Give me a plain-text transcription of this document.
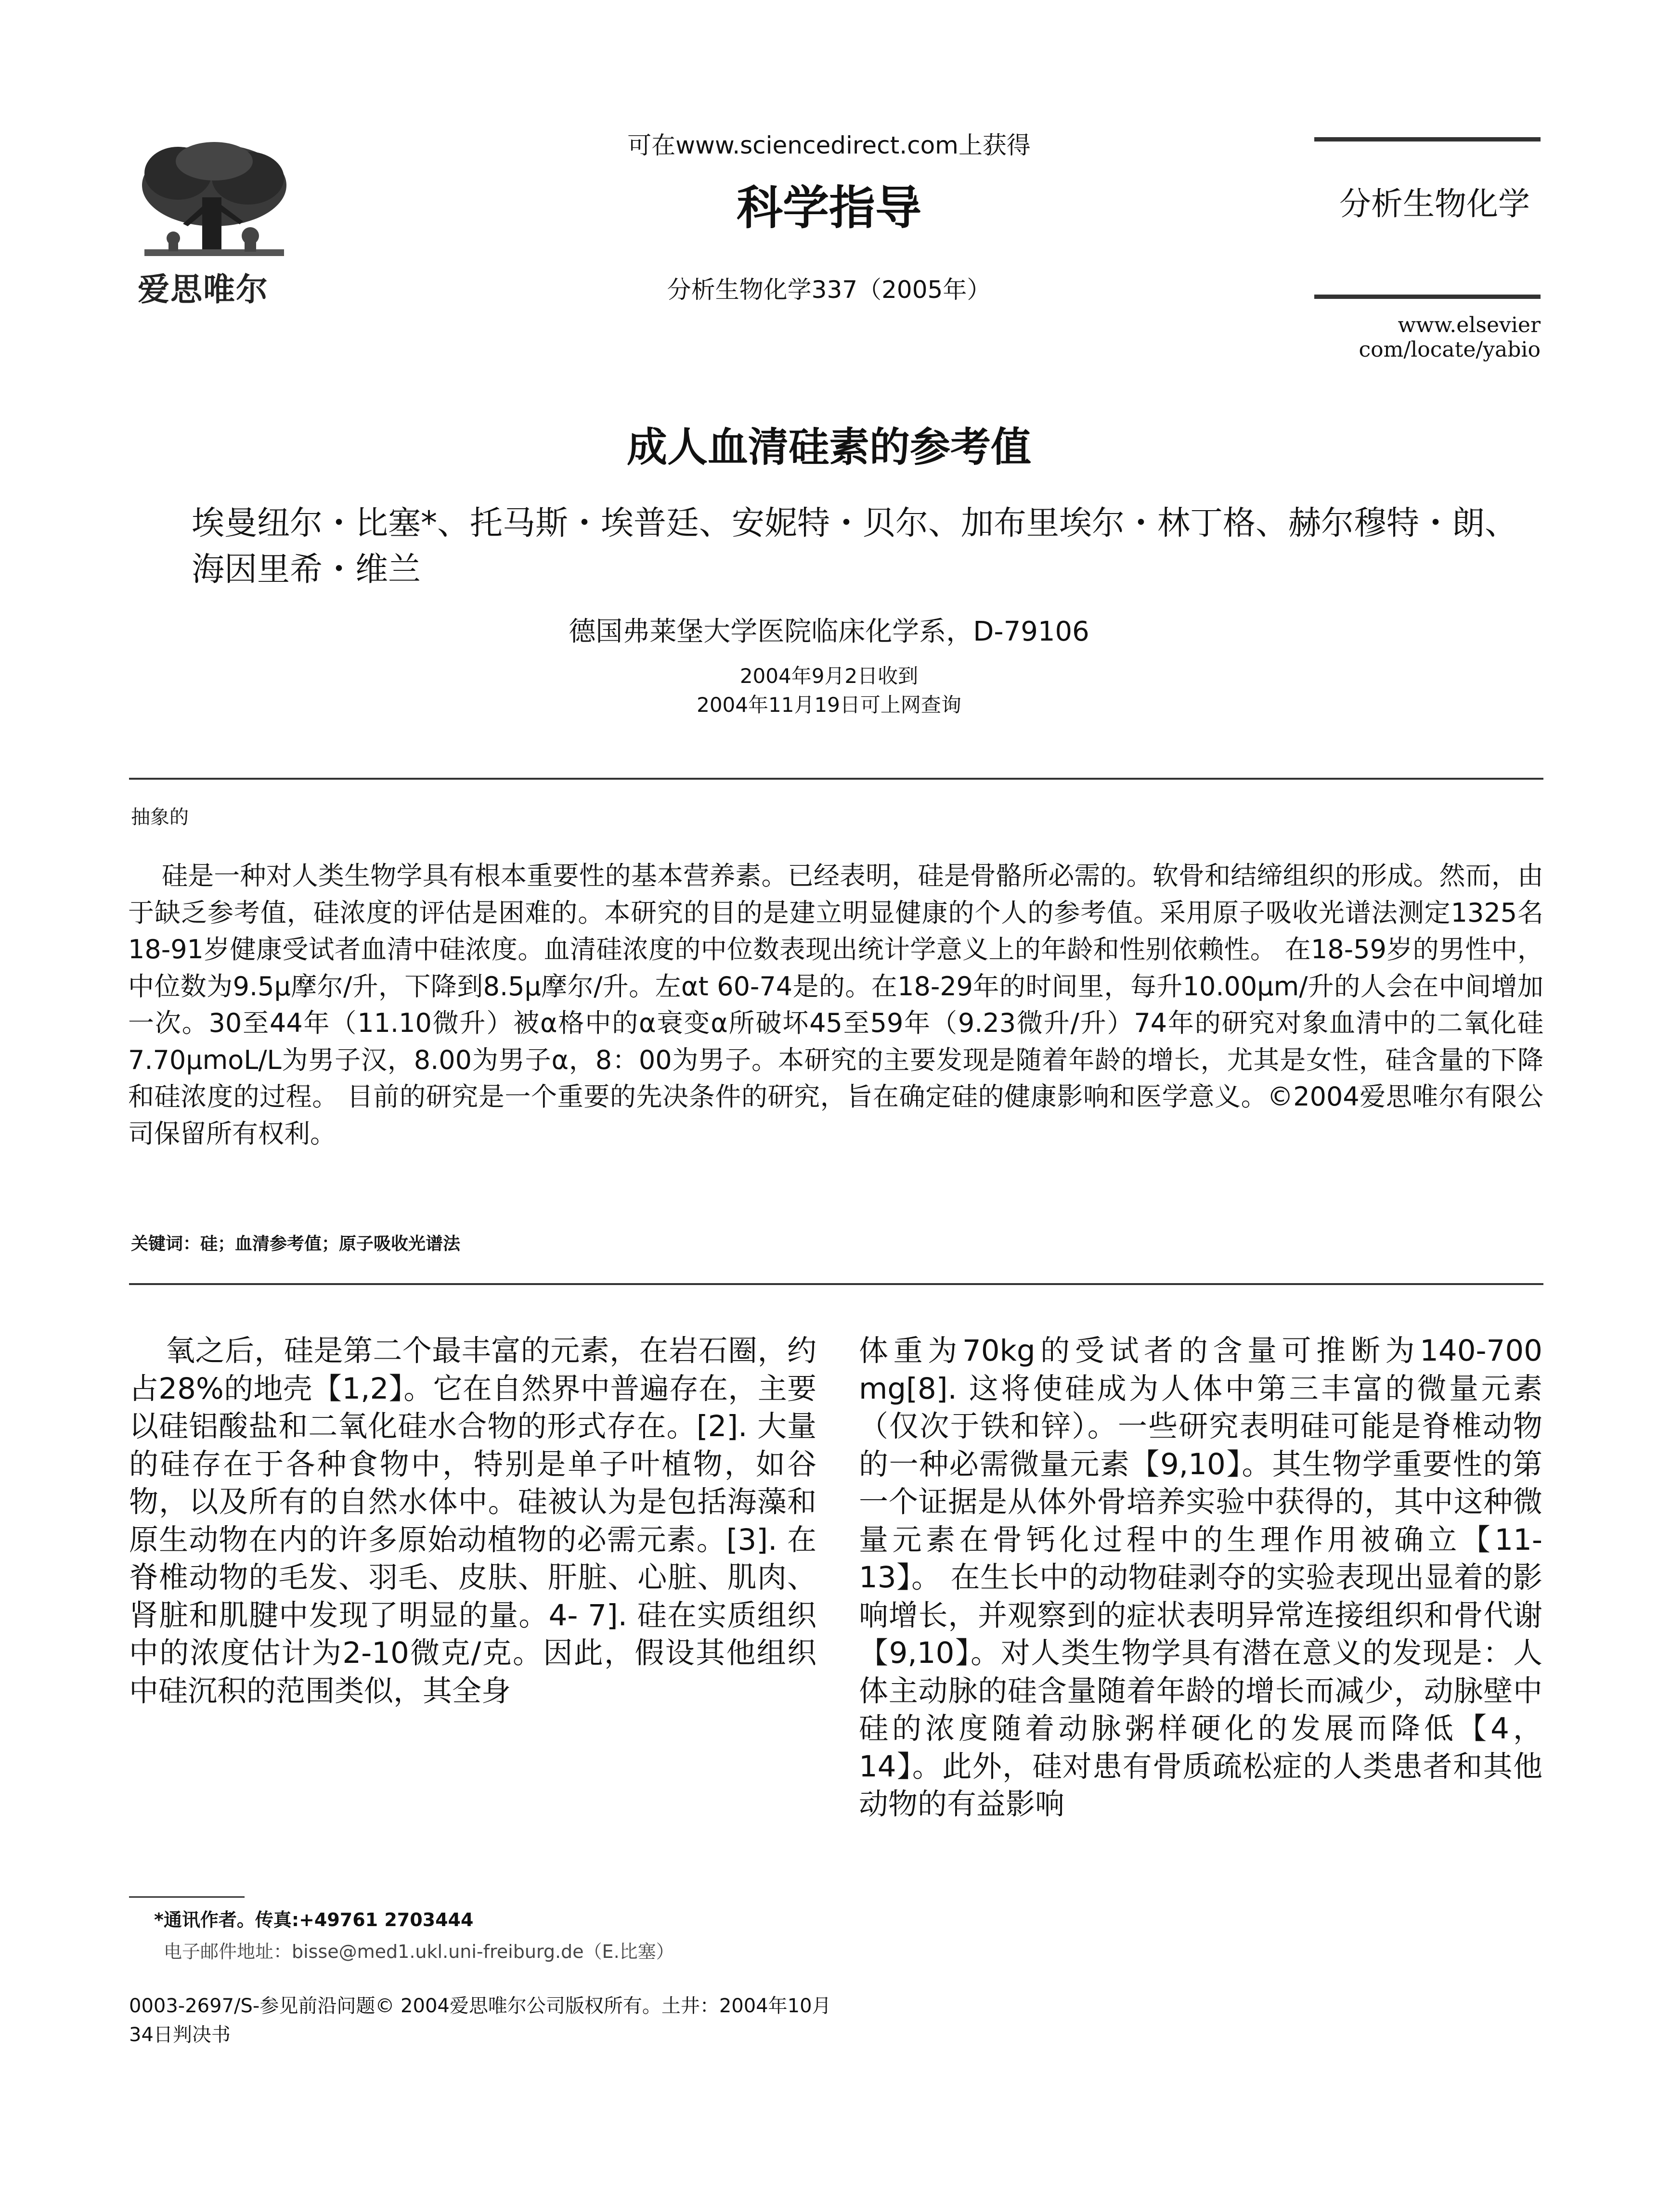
爱思唯尔
可在www.sciencedirect.com上获得
科学指导
分析生物化学337（2005年）
分析生物化学
www.elsevier com/locate/yabio
成人血清硅素的参考值
埃曼纽尔・比塞*、托马斯・埃普廷、安妮特・贝尔、加布里埃尔・林丁格、赫尔穆特・朗、海因里希・维兰
德国弗莱堡大学医院临床化学系，D-79106
2004年9月2日收到
2004年11月19日可上网查询
抽象的
硅是一种对人类生物学具有根本重要性的基本营养素。已经表明，硅是骨骼所必需的。软骨和结缔组织的形成。然而，由于缺乏参考值，硅浓度的评估是困难的。本研究的目的是建立明显健康的个人的参考值。采用原子吸收光谱法测定1325名18-91岁健康受试者血清中硅浓度。血清硅浓度的中位数表现出统计学意义上的年龄和性别依赖性。 在18-59岁的男性中，中位数为9.5μ摩尔/升，下降到8.5μ摩尔/升。左αt 60-74是的。在18-29年的时间里，每升10.00μm/升的人会在中间增加一次。30至44年（11.10微升）被α格中的α衰变α所破坏45至59年（9.23微升/升）74年的研究对象血清中的二氧化硅7.70μmoL/L为男子汉，8.00为男子α，8：00为男子。本研究的主要发现是随着年龄的增长，尤其是女性，硅含量的下降和硅浓度的过程。 目前的研究是一个重要的先决条件的研究，旨在确定硅的健康影响和医学意义。©2004爱思唯尔有限公司保留所有权利。
关键词：硅；血清参考值；原子吸收光谱法
氧之后，硅是第二个最丰富的元素，在岩石圈，约占28%的地壳【1,2】。它在自然界中普遍存在，主要以硅铝酸盐和二氧化硅水合物的形式存在。[2]. 大量的硅存在于各种食物中，特别是单子叶植物，如谷物，以及所有的自然水体中。硅被认为是包括海藻和原生动物在内的许多原始动植物的必需元素。[3]. 在脊椎动物的毛发、羽毛、皮肤、肝脏、心脏、肌肉、肾脏和肌腱中发现了明显的量。4- 7]. 硅在实质组织中的浓度估计为2-10微克/克。因此，假设其他组织中硅沉积的范围类似，其全身
体重为70kg的受试者的含量可推断为140-700 mg[8]. 这将使硅成为人体中第三丰富的微量元素（仅次于铁和锌）。一些研究表明硅可能是脊椎动物的一种必需微量元素【9,10】。其生物学重要性的第一个证据是从体外骨培养实验中获得的，其中这种微量元素在骨钙化过程中的生理作用被确立【11-13】。 在生长中的动物硅剥夺的实验表现出显着的影响增长，并观察到的症状表明异常连接组织和骨代谢【9,10】。对人类生物学具有潜在意义的发现是：人体主动脉的硅含量随着年龄的增长而减少，动脉壁中硅的浓度随着动脉粥样硬化的发展而降低【4，14】。此外，硅对患有骨质疏松症的人类患者和其他动物的有益影响
*通讯作者。传真:+49761 2703444
电子邮件地址：bisse@med1.ukl.uni-freiburg.de（E.比塞）
0003-2697/S-参见前沿问题© 2004爱思唯尔公司版权所有。土井：2004年10月34日判决书
